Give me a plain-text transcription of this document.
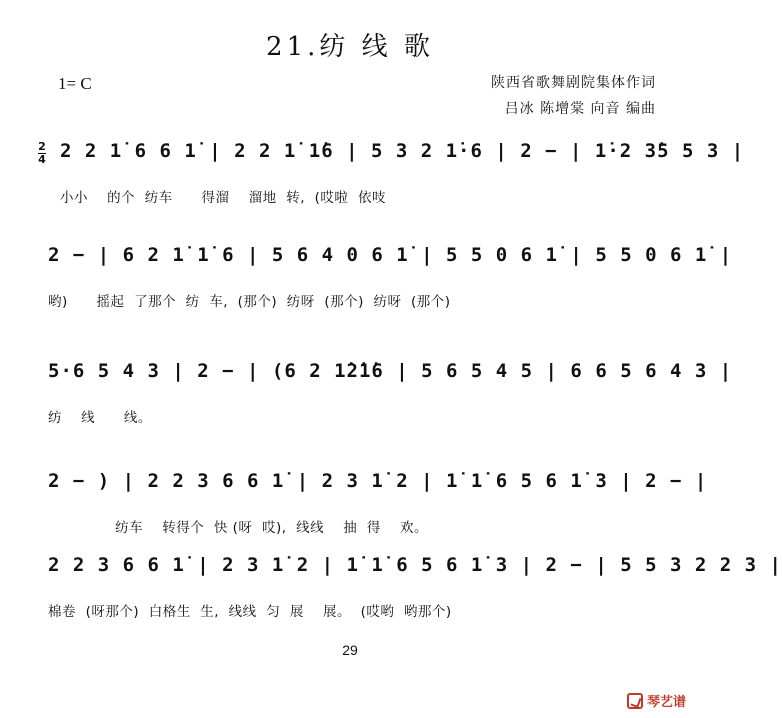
21.纺 线 歌
1= C	陕西省歌舞剧院集体作词
吕冰 陈增棠 向音 编曲
2
4 2 2 1̇ 6 6 1̇ | 2 2 1̇ 1̇6 | 5 3 2 1̇·6 | 2 − | 1̇·2 3̇5 5 3 |
小小    的个  纺车      得溜    溜地  转,  (哎啦  依吱
2 − | 6 2 1̇ 1̇ 6 | 5 6 4 0 6 1̇ | 5 5 0 6 1̇ | 5 5 0 6 1̇ |
哟)      摇起  了那个  纺  车,  (那个)  纺呀  (那个)  纺呀  (那个)
5·6 5 4 3 | 2 − | (6 2 1̇2̇1̇6 | 5 6 5 4 5 | 6 6 5 6 4 3 |
纺    线      线。
2 − ) | 2 2 3 6 6 1̇ | 2 3 1̇ 2 | 1̇ 1̇ 6 5 6 1̇ 3 | 2 − |
纺车    转得个  快 (呀  哎),  线线    抽  得    欢。
2 2 3 6 6 1̇ | 2 3 1̇ 2 | 1̇ 1̇ 6 5 6 1̇ 3 | 2 − | 5 5 3 2 2 3 |
棉卷  (呀那个)  白格生  生,  线线  匀  展    展。  (哎哟  哟那个)
29
琴艺谱
